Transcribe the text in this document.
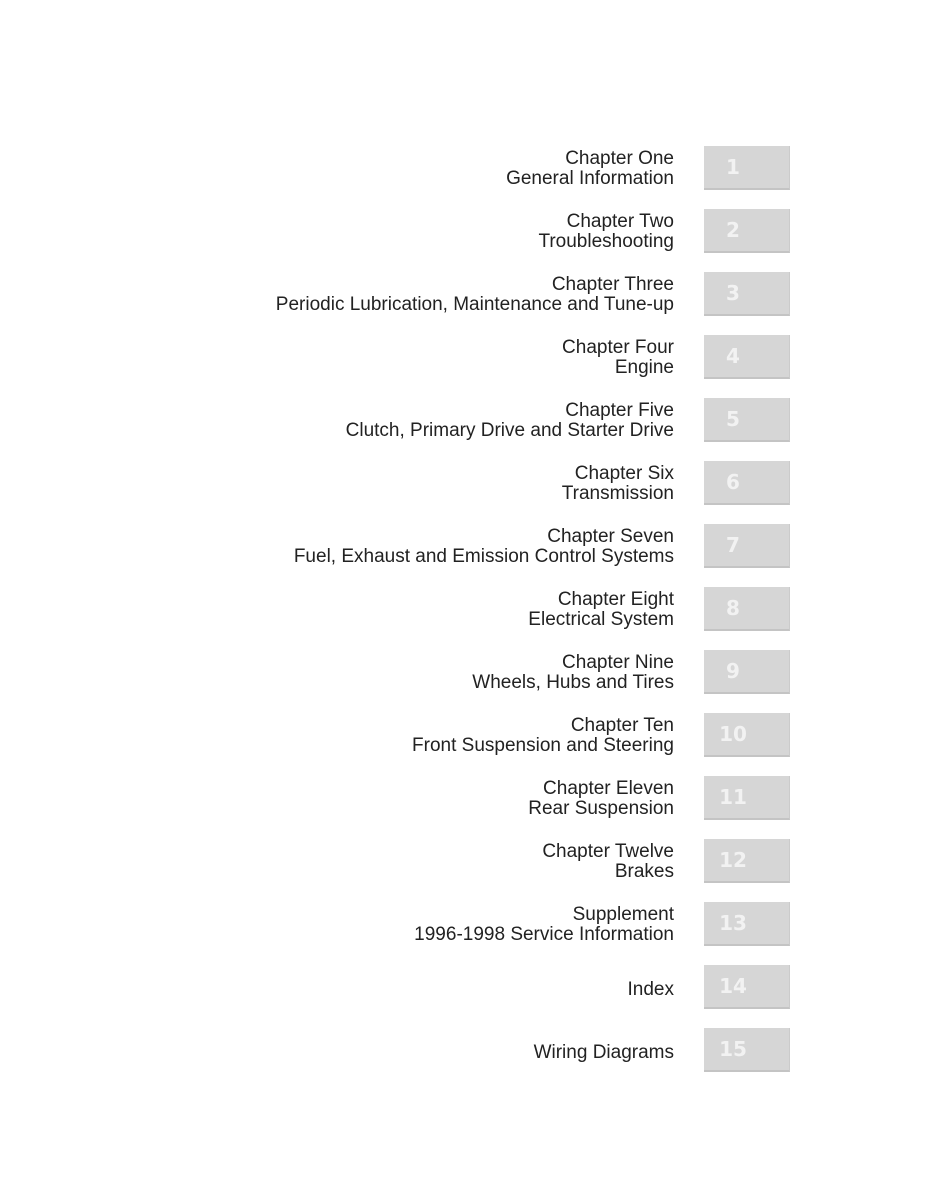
Chapter One
General Information	1
Chapter Two
Troubleshooting	2
Chapter Three
Periodic Lubrication, Maintenance and Tune-up	3
Chapter Four
Engine	4
Chapter Five
Clutch, Primary Drive and Starter Drive	5
Chapter Six
Transmission	6
Chapter Seven
Fuel, Exhaust and Emission Control Systems	7
Chapter Eight
Electrical System	8
Chapter Nine
Wheels, Hubs and Tires	9
Chapter Ten
Front Suspension and Steering	10
Chapter Eleven
Rear Suspension	11
Chapter Twelve
Brakes	12
Supplement
1996-1998 Service Information	13
Index	14
Wiring Diagrams	15
